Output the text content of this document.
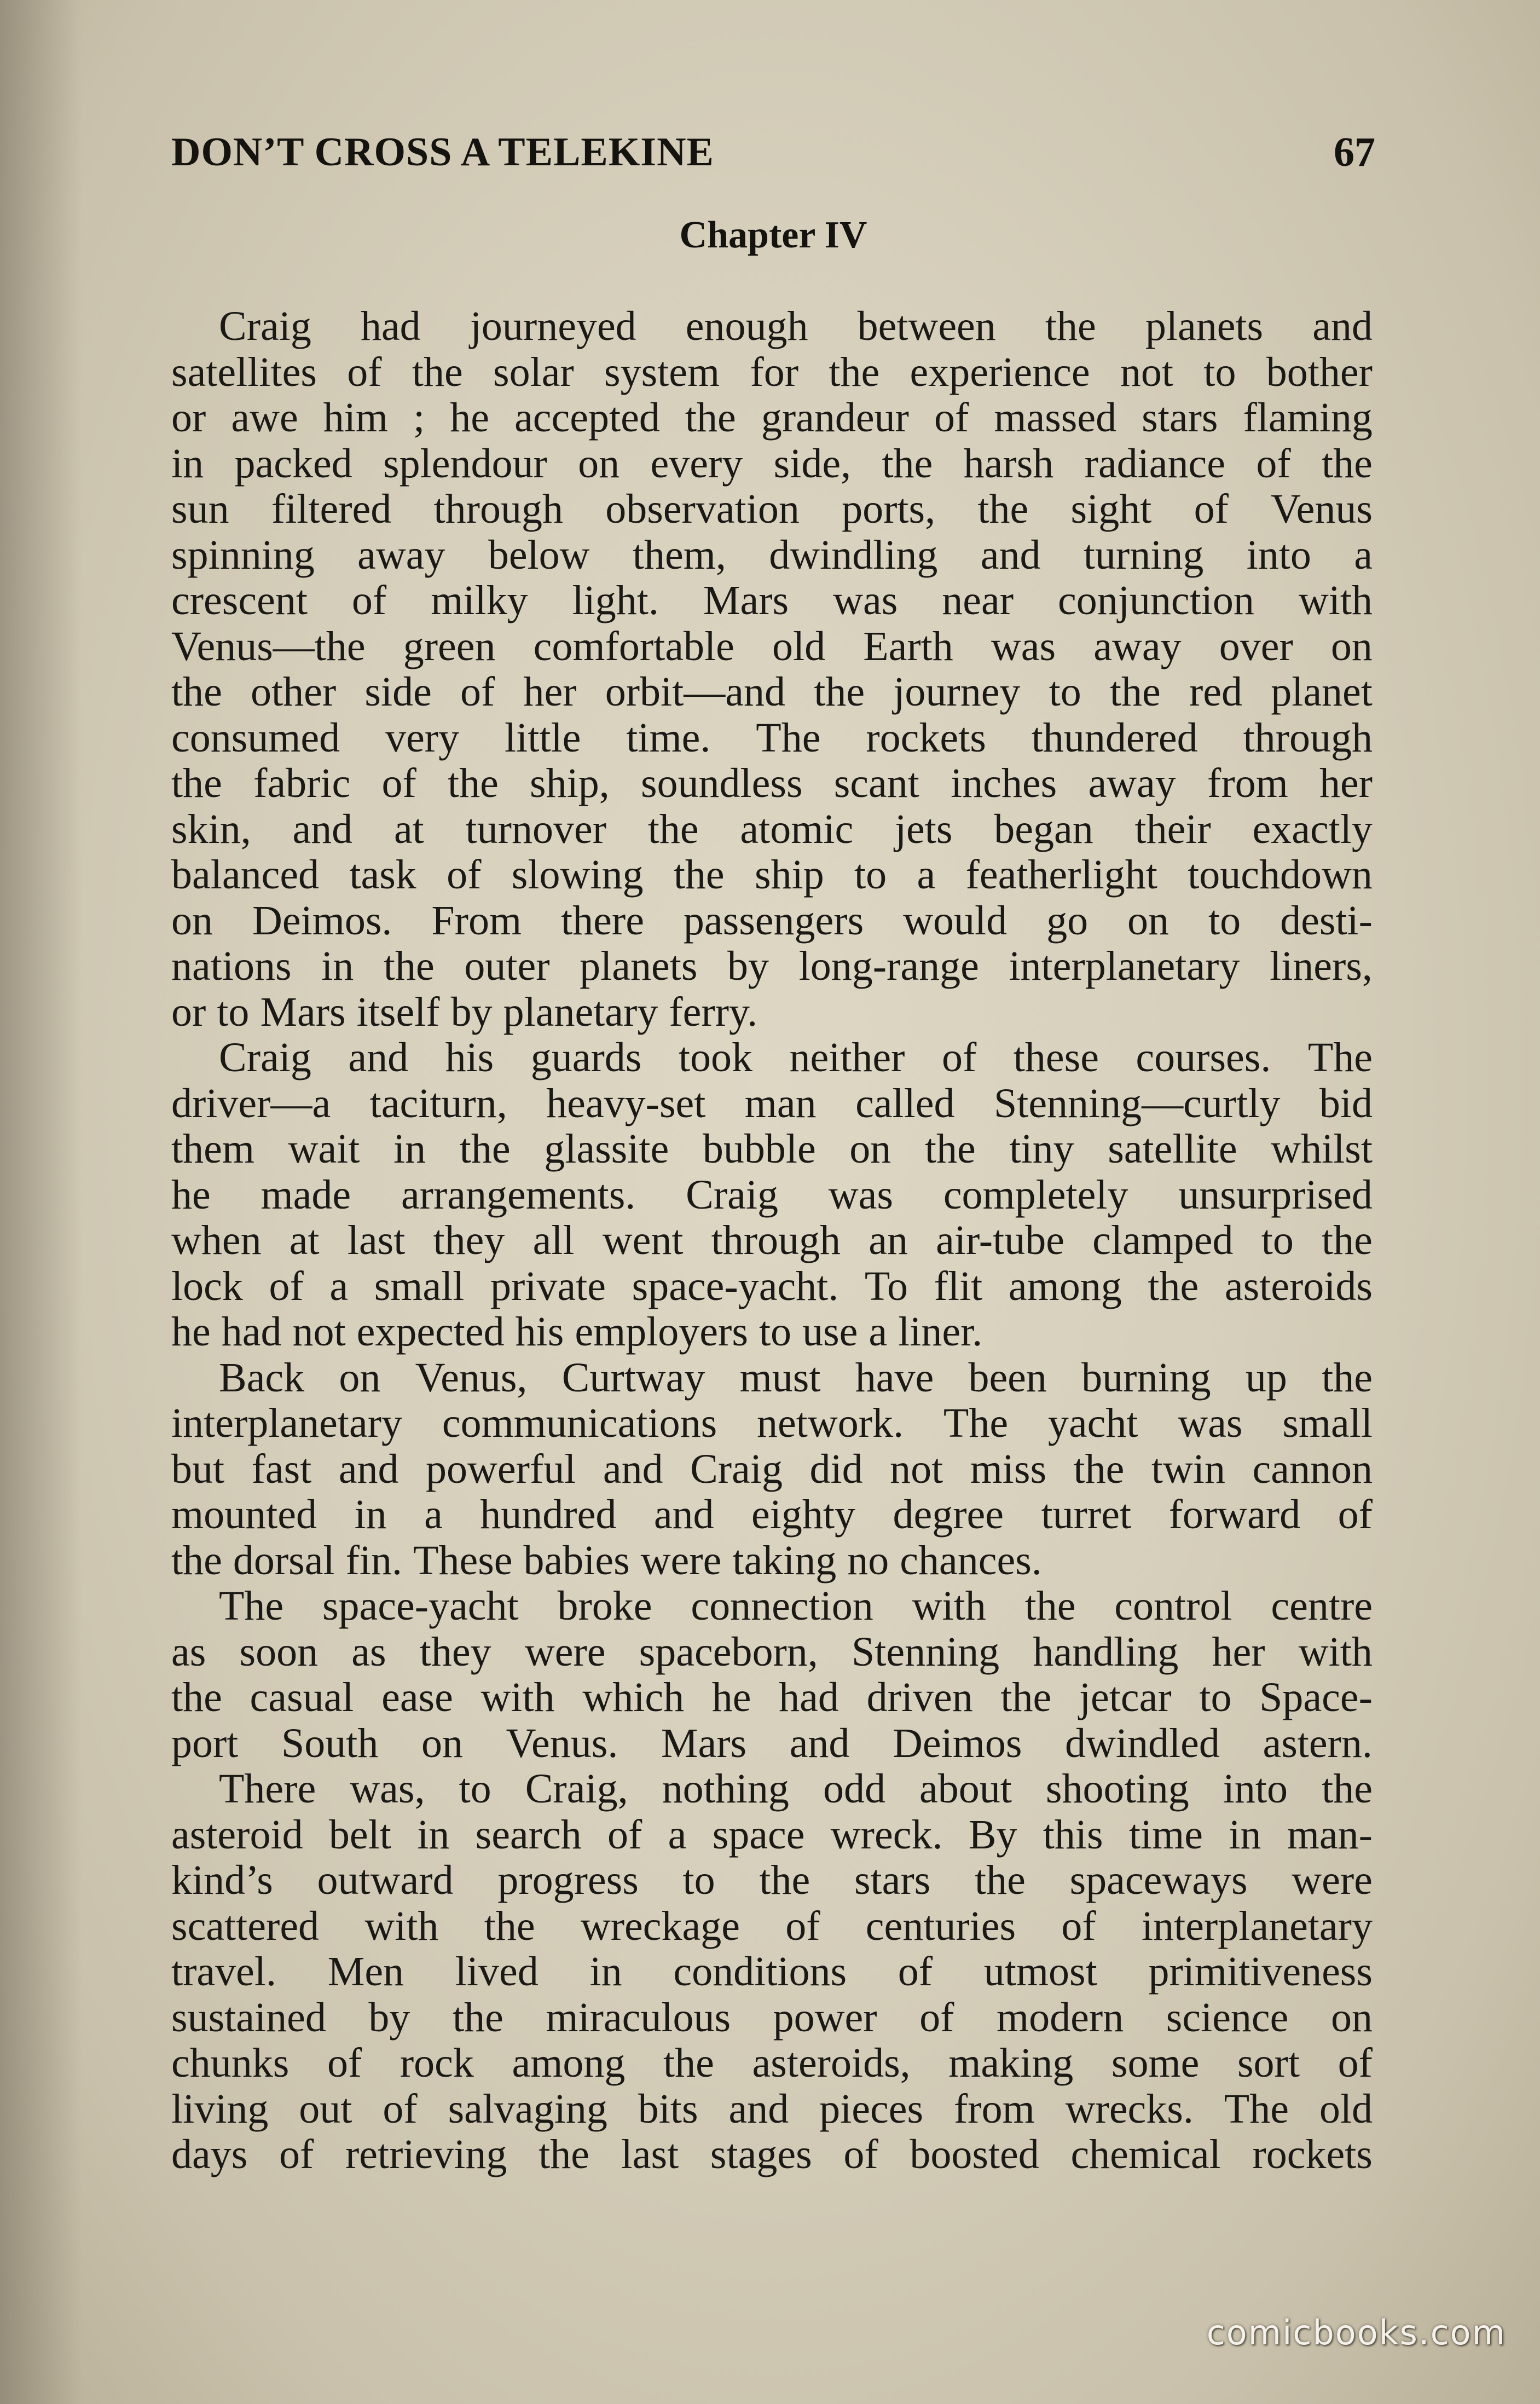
DON’T CROSS A TELEKINE	67
Chapter IV
Craig had journeyed enough between the planets and
satellites of the solar system for the experience not to bother
or awe him ; he accepted the grandeur of massed stars flaming
in packed splendour on every side, the harsh radiance of the
sun filtered through observation ports, the sight of Venus
spinning away below them, dwindling and turning into a
crescent of milky light. Mars was near conjunction with
Venus—the green comfortable old Earth was away over on
the other side of her orbit—and the journey to the red planet
consumed very little time. The rockets thundered through
the fabric of the ship, soundless scant inches away from her
skin, and at turnover the atomic jets began their exactly
balanced task of slowing the ship to a featherlight touchdown
on Deimos. From there passengers would go on to desti-
nations in the outer planets by long-range interplanetary liners,
or to Mars itself by planetary ferry.
Craig and his guards took neither of these courses. The
driver—a taciturn, heavy-set man called Stenning—curtly bid
them wait in the glassite bubble on the tiny satellite whilst
he made arrangements. Craig was completely unsurprised
when at last they all went through an air-tube clamped to the
lock of a small private space-yacht. To flit among the asteroids
he had not expected his employers to use a liner.
Back on Venus, Curtway must have been burning up the
interplanetary communications network. The yacht was small
but fast and powerful and Craig did not miss the twin cannon
mounted in a hundred and eighty degree turret forward of
the dorsal fin. These babies were taking no chances.
The space-yacht broke connection with the control centre
as soon as they were spaceborn, Stenning handling her with
the casual ease with which he had driven the jetcar to Space-
port South on Venus. Mars and Deimos dwindled astern.
There was, to Craig, nothing odd about shooting into the
asteroid belt in search of a space wreck. By this time in man-
kind’s outward progress to the stars the spaceways were
scattered with the wreckage of centuries of interplanetary
travel. Men lived in conditions of utmost primitiveness
sustained by the miraculous power of modern science on
chunks of rock among the asteroids, making some sort of
living out of salvaging bits and pieces from wrecks. The old
days of retrieving the last stages of boosted chemical rockets
comicbooks.com
